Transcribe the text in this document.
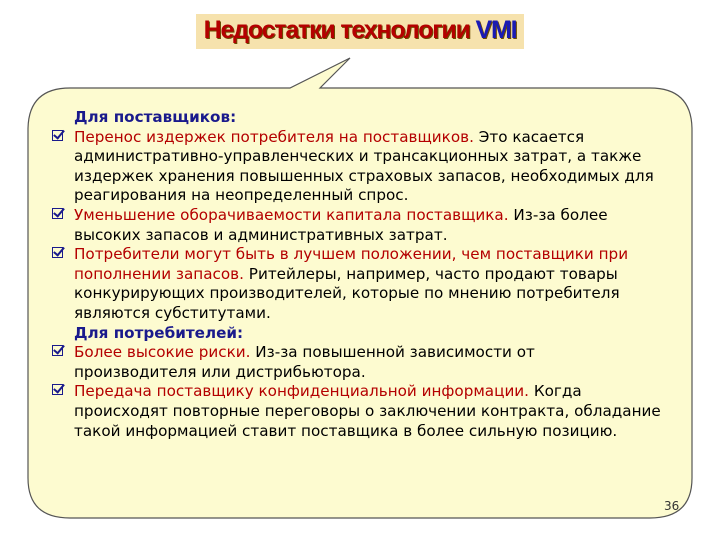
Недостатки технологии VMI
Для поставщиков:
Перенос издержек потребителя на поставщиков. Это касается административно-управленческих и трансакционных затрат, а также издержек хранения повышенных страховых запасов, необходимых для реагирования на неопределенный спрос.
Уменьшение оборачиваемости капитала поставщика. Из-за более высоких запасов и административных затрат.
Потребители могут быть в лучшем положении, чем поставщики при пополнении запасов. Ритейлеры, например, часто продают товары конкурирующих производителей, которые по мнению потребителя являются субститутами.
Для потребителей:
Более высокие риски. Из-за повышенной зависимости от производителя или дистрибьютора.
Передача поставщику конфиденциальной информации. Когда происходят повторные переговоры о заключении контракта, обладание такой информацией ставит поставщика в более сильную позицию.
36
